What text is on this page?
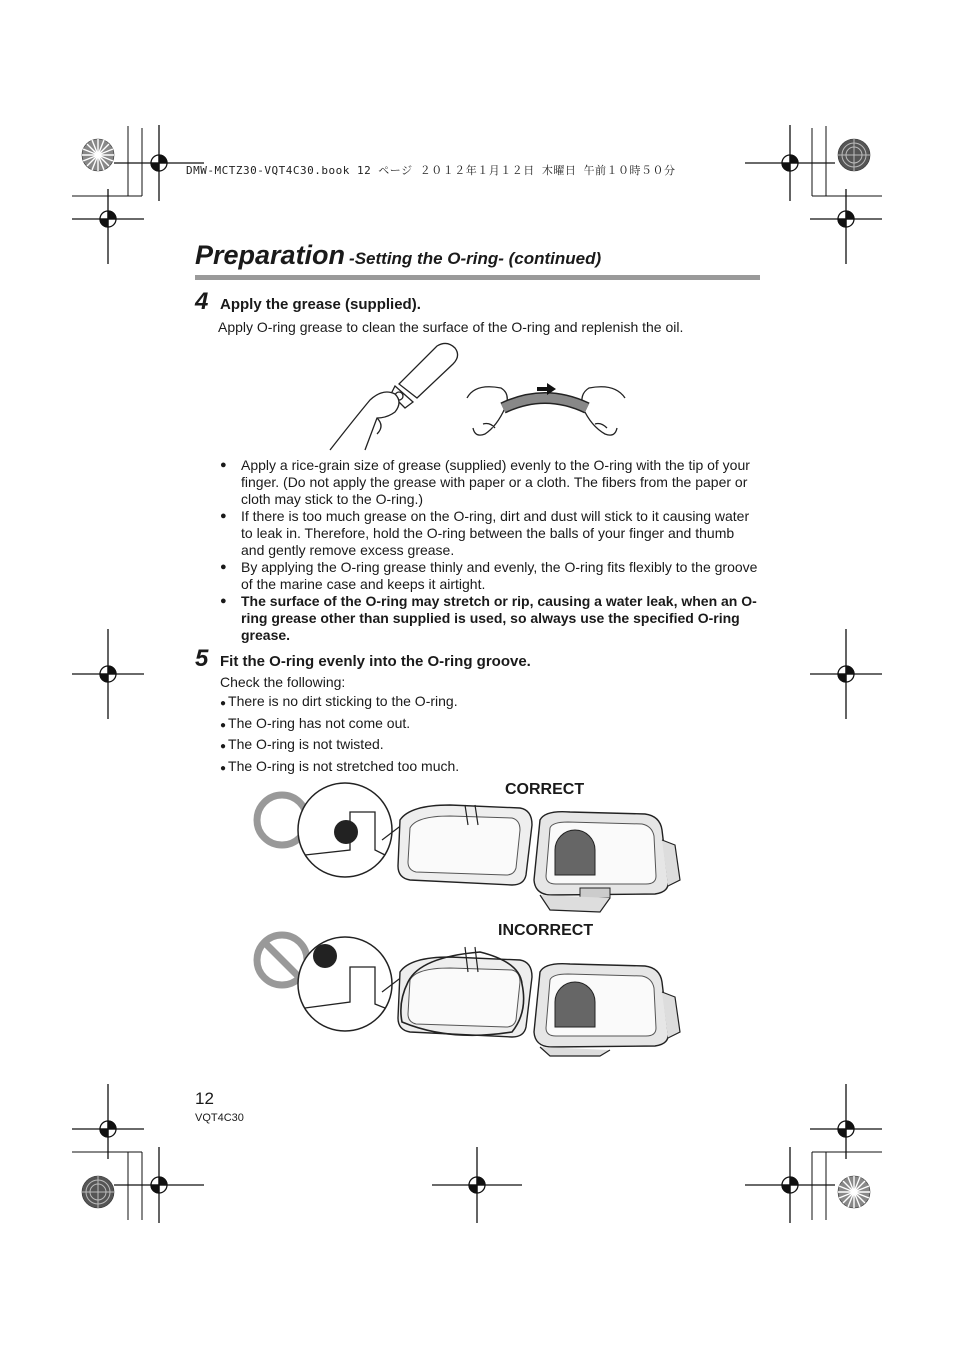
DMW-MCTZ30-VQT4C30.book 12 ページ ２０１２年１月１２日 木曜日 午前１０時５０分
Preparation -Setting the O-ring- (continued)
4 Apply the grease (supplied).
Apply O-ring grease to clean the surface of the O-ring and replenish the oil.
● Apply a rice-grain size of grease (supplied) evenly to the O-ring with the tip of your finger. (Do not apply the grease with paper or a cloth. The fibers from the paper or cloth may stick to the O-ring.)
● If there is too much grease on the O-ring, dirt and dust will stick to it causing water to leak in. Therefore, hold the O-ring between the balls of your finger and thumb and gently remove excess grease.
● By applying the O-ring grease thinly and evenly, the O-ring fits flexibly to the groove of the marine case and keeps it airtight.
● The surface of the O-ring may stretch or rip, causing a water leak, when an O-ring grease other than supplied is used, so always use the specified O-ring grease.
5 Fit the O-ring evenly into the O-ring groove.
Check the following:
● There is no dirt sticking to the O-ring.
● The O-ring has not come out.
● The O-ring is not twisted.
● The O-ring is not stretched too much.
CORRECT
INCORRECT
12
VQT4C30
